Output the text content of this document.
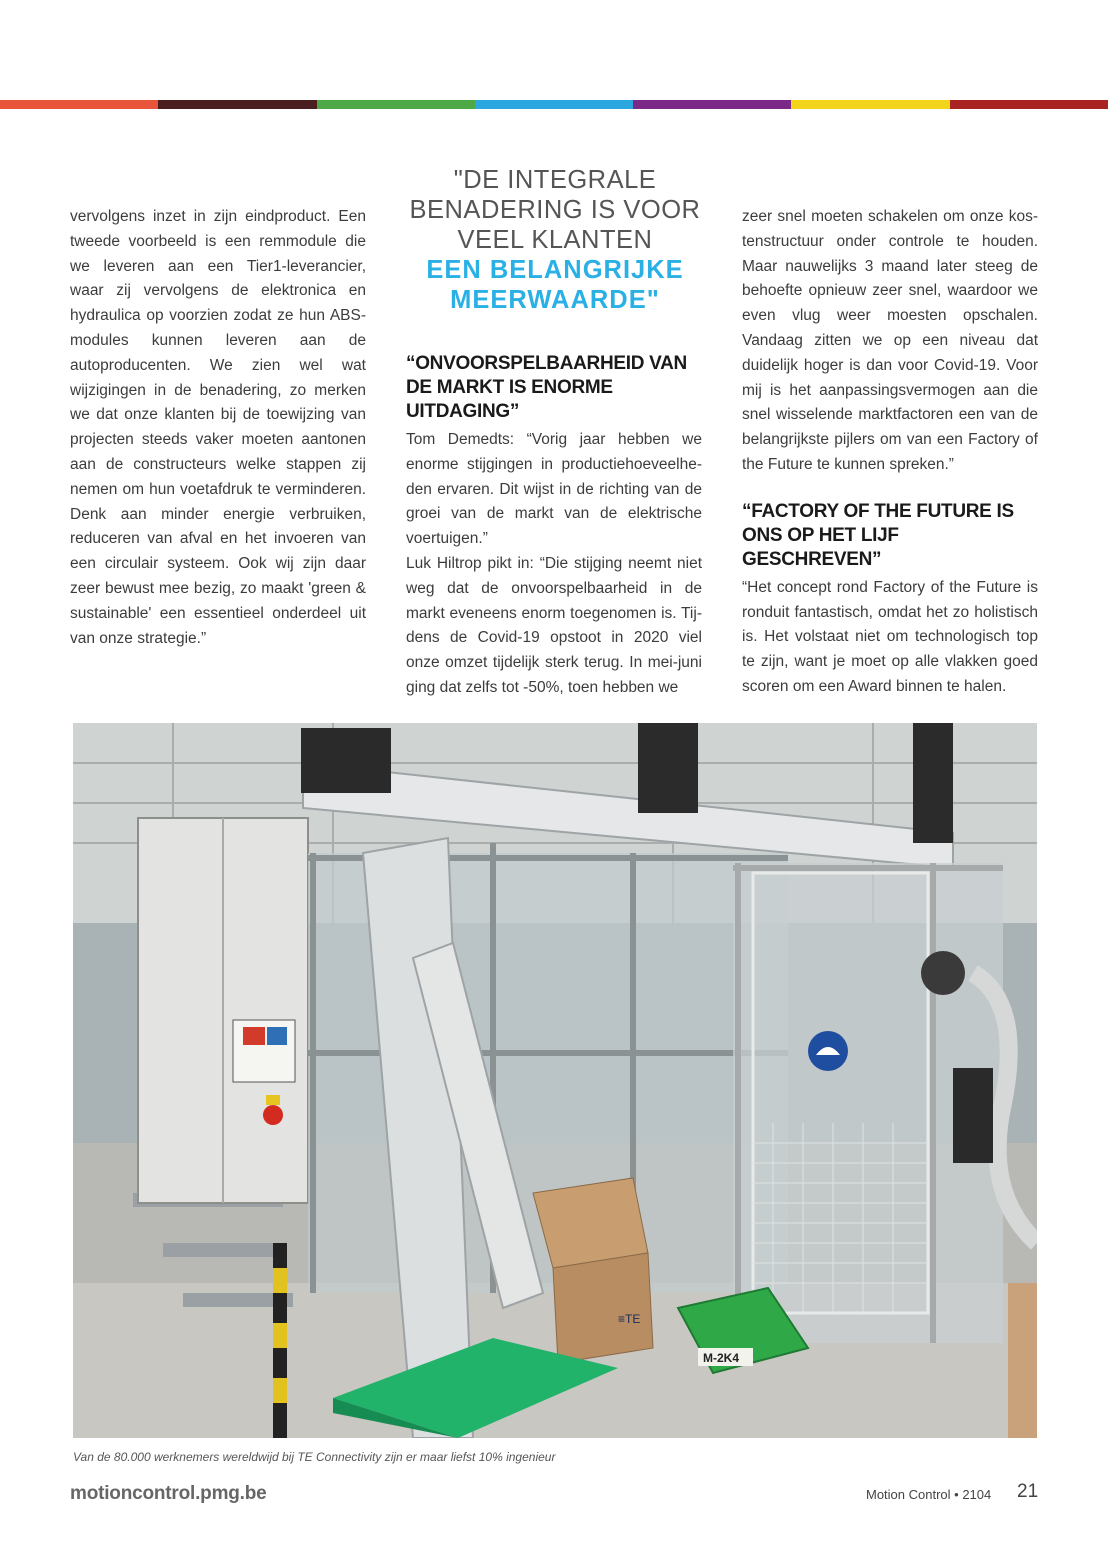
vervolgens inzet in zijn eindproduct. Een tweede voorbeeld is een remmodule die we leveren aan een Tier1-leverancier, waar zij vervolgens de elektronica en hydraulica op voorzien zodat ze hun ABS-modules kunnen leveren aan de autoproducenten. We zien wel wat wijzigingen in de benadering, zo merken we dat onze klanten bij de toewijzing van projecten steeds vaker moeten aantonen aan de constructeurs welke stappen zij nemen om hun voetafdruk te verminderen. Denk aan minder energie verbruiken, reduceren van afval en het invoeren van een circulair systeem. Ook wij zijn daar zeer bewust mee bezig, zo maakt 'green & sustainable' een essentieel onderdeel uit van onze strategie.”

"DE INTEGRALE
BENADERING IS VOOR
VEEL KLANTEN
EEN BELANGRIJKE
MEERWAARDE"
“ONVOORSPELBAARHEID VAN DE MARKT IS ENORME UITDAGING”

Tom Demedts: “Vorig jaar hebben we enorme stijgingen in productiehoeveelheden ervaren. Dit wijst in de richting van de groei van de markt van de elektrische voertuigen.”

Luk Hiltrop pikt in: “Die stijging neemt niet weg dat de onvoorspelbaarheid in de markt eveneens enorm toegenomen is. Tijdens de Covid-19 opstoot in 2020 viel onze omzet tijdelijk sterk terug. In mei-juni ging dat zelfs tot -50%, toen hebben we

zeer snel moeten schakelen om onze kostenstructuur onder controle te houden. Maar nauwelijks 3 maand later steeg de behoefte opnieuw zeer snel, waardoor we even vlug weer moesten opschalen. Vandaag zitten we op een niveau dat duidelijk hoger is dan voor Covid-19. Voor mij is het aanpassingsvermogen aan die snel wisselende marktfactoren een van de belangrijkste pijlers om van een Factory of the Future te kunnen spreken.”

“FACTORY OF THE FUTURE IS ONS OP HET LIJF GESCHREVEN”

“Het concept rond Factory of the Future is ronduit fantastisch, omdat het zo holistisch is. Het volstaat niet om technologisch top te zijn, want je moet op alle vlakken goed scoren om een Award binnen te halen.

≡TE
M-2K4
Van de 80.000 werknemers wereldwijd bij TE Connectivity zijn er maar liefst 10% ingenieur
motioncontrol.pmg.be	Motion Control • 2104 21
